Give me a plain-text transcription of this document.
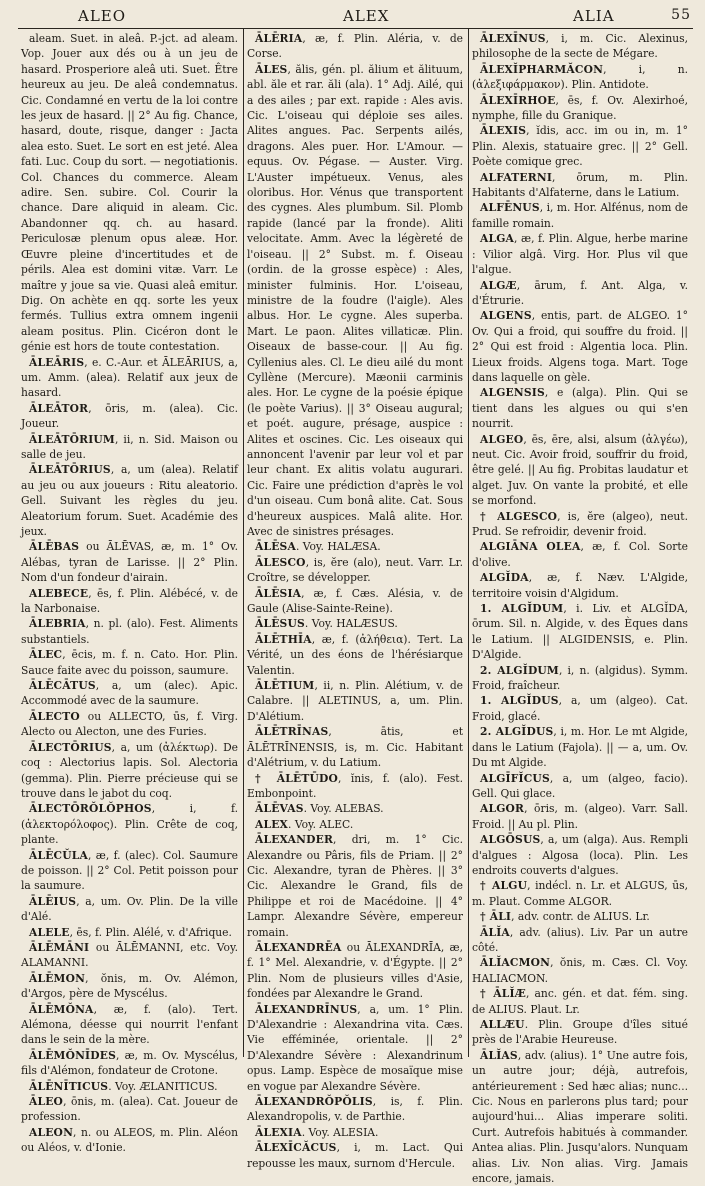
ALEO	ALEX	ALIA	55

aleam. Suet. in aleâ. P.-jct. ad aleam. Vop. Jouer aux dés ou à un jeu de hasard. Prosperiore aleâ uti. Suet. Être heureux au jeu. De aleâ condemnatus. Cic. Condamné en vertu de la loi contre les jeux de hasard. || 2° Au fig. Chance, hasard, doute, risque, danger : Jacta alea esto. Suet. Le sort en est jeté. Alea fati. Luc. Coup du sort. — negotiationis. Col. Chances du commerce. Aleam adire. Sen. subire. Col. Courir la chance. Dare aliquid in aleam. Cic. Abandonner qq. ch. au hasard. Periculosæ plenum opus aleæ. Hor. Œuvre pleine d'incertitudes et de périls. Alea est domini vitæ. Varr. Le maître y joue sa vie. Quasi aleâ emitur. Dig. On achète en qq. sorte les yeux fermés. Tullius extra omnem ingenii aleam positus. Plin. Cicéron dont le génie est hors de toute contestation.

ĀLEĀRIS, e. C.-Aur. et ĀLEĀRIUS, a, um. Amm. (alea). Relatif aux jeux de hasard.

ĀLEĀTOR, ōris, m. (alea). Cic. Joueur.

ĀLEĀTŌRIUM, ii, n. Sid. Maison ou salle de jeu.

ĀLEĀTŌRIUS, a, um (alea). Relatif au jeu ou aux joueurs : Ritu aleatorio. Gell. Suivant les règles du jeu. Aleatorium forum. Suet. Académie des jeux.

ĀLĒBAS ou ĀLĒVAS, æ, m. 1° Ov. Alébas, tyran de Larisse. || 2° Plin. Nom d'un fondeur d'airain.

ALEBECE, ēs, f. Plin. Alébécé, v. de la Narbonaise.

ĀLEBRIA, n. pl. (alo). Fest. Aliments substantiels.

ĀLEC, ēcis, m. f. n. Cato. Hor. Plin. Sauce faite avec du poisson, saumure.

ĀLĒCĀTUS, a, um (alec). Apic. Accommodé avec de la saumure.

ĀLECTO ou ALLECTO, ūs, f. Virg. Alecto ou Alecton, une des Furies.

ĀLECTŌRIUS, a, um (ἀλέκτωρ). De coq : Alectorius lapis. Sol. Alectoria (gemma). Plin. Pierre précieuse qui se trouve dans le jabot du coq.

ĀLECTŌRŎLŎPHOS, i, f. (ἀλεκτορόλοφος). Plin. Crête de coq, plante.

ĀLĒCŬLA, æ, f. (alec). Col. Saumure de poisson. || 2° Col. Petit poisson pour la saumure.

ĀLĒIUS, a, um. Ov. Plin. De la ville d'Alé.

ALELE, ēs, f. Plin. Alélé, v. d'Afrique.

ĀLĒMĀNI ou ĀLĒMANNI, etc. Voy. ALAMANNI.

ĀLĒMON, ŏnis, m. Ov. Alémon, d'Argos, père de Myscélus.

ĀLĒMŎNA, æ, f. (alo). Tert. Alémona, déesse qui nourrit l'enfant dans le sein de la mère.

ĀLĒMŎNĪDES, æ, m. Ov. Myscélus, fils d'Alémon, fondateur de Crotone.

ĀLĒNĪTICUS. Voy. ÆLANITICUS.

ĀLEO, ōnis, m. (alea). Cat. Joueur de profession.

ALEON, n. ou ALEOS, m. Plin. Aléon ou Aléos, v. d'Ionie.

ĀLĒRIA, æ, f. Plin. Aléria, v. de Corse.

ĀLES, ălis, gén. pl. ălium et ălituum, abl. ăle et rar. ăli (ala). 1° Adj. Ailé, qui a des ailes ; par ext. rapide : Ales avis. Cic. L'oiseau qui déploie ses ailes. Alites angues. Pac. Serpents ailés, dragons. Ales puer. Hor. L'Amour. — equus. Ov. Pégase. — Auster. Virg. L'Auster impétueux. Venus, ales oloribus. Hor. Vénus que transportent des cygnes. Ales plumbum. Sil. Plomb rapide (lancé par la fronde). Aliti velocitate. Amm. Avec la légèreté de l'oiseau. || 2° Subst. m. f. Oiseau (ordin. de la grosse espèce) : Ales, minister fulminis. Hor. L'oiseau, ministre de la foudre (l'aigle). Ales albus. Hor. Le cygne. Ales superba. Mart. Le paon. Alites villaticæ. Plin. Oiseaux de basse-cour. || Au fig. Cyllenius ales. Cl. Le dieu ailé du mont Cyllène (Mercure). Mæonii carminis ales. Hor. Le cygne de la poésie épique (le poète Varius). || 3° Oiseau augural; et poét. augure, présage, auspice : Alites et oscines. Cic. Les oiseaux qui annoncent l'avenir par leur vol et par leur chant. Ex alitis volatu augurari. Cic. Faire une prédiction d'après le vol d'un oiseau. Cum bonâ alite. Cat. Sous d'heureux auspices. Malâ alite. Hor. Avec de sinistres présages.

ĀLĒSA. Voy. HALÆSA.

ĀLESCO, is, ĕre (alo), neut. Varr. Lr. Croître, se développer.

ĀLĒSIA, æ, f. Cæs. Alésia, v. de Gaule (Alise-Sainte-Reine).

ĀLĒSUS. Voy. HALÆSUS.

ĀLĒTHĪA, æ, f. (ἀλήθεια). Tert. La Vérité, un des éons de l'hérésiarque Valentin.

ĀLĒTIUM, ii, n. Plin. Alétium, v. de Calabre. || ALETINUS, a, um. Plin. D'Alétium.

ĀLĒTRĪNAS, ātis, et ĀLĒTRĪNENSIS, is, m. Cic. Habitant d'Alétrium, v. du Latium.

† ĀLĒTŪDO, ĭnis, f. (alo). Fest. Embonpoint.

ĀLĒVAS. Voy. ALEBAS.

ALEX. Voy. ALEC.

ĀLEXANDER, dri, m. 1° Cic. Alexandre ou Pâris, fils de Priam. || 2° Cic. Alexandre, tyran de Phères. || 3° Cic. Alexandre le Grand, fils de Philippe et roi de Macédoine. || 4° Lampr. Alexandre Sévère, empereur romain.

ĀLEXANDRĒA ou ĀLEXANDRĪA, æ, f. 1° Mel. Alexandrie, v. d'Égypte. || 2° Plin. Nom de plusieurs villes d'Asie, fondées par Alexandre le Grand.

ĀLEXANDRĪNUS, a, um. 1° Plin. D'Alexandrie : Alexandrina vita. Cæs. Vie efféminée, orientale. || 2° D'Alexandre Sévère : Alexandrinum opus. Lamp. Espèce de mosaïque mise en vogue par Alexandre Sévère.

ĀLEXANDRŎPŎLIS, is, f. Plin. Alexandropolis, v. de Parthie.

ĀLEXIA. Voy. ALESIA.

ĀLEXĪCĂCUS, i, m. Lact. Qui repousse les maux, surnom d'Hercule.

ĀLEXĪNUS, i, m. Cic. Alexinus, philosophe de la secte de Mégare.

ĀLEXĬPHARMĂCON, i, n. (ἀλεξιφάρμακον). Plin. Antidote.

ĀLEXĪRHOE, ēs, f. Ov. Alexirhoé, nymphe, fille du Granique.

ĀLEXIS, ĭdis, acc. im ou in, m. 1° Plin. Alexis, statuaire grec. || 2° Gell. Poète comique grec.

ALFATERNI, ōrum, m. Plin. Habitants d'Alfaterne, dans le Latium.

ALFĒNUS, i, m. Hor. Alfénus, nom de famille romain.

ALGA, æ, f. Plin. Algue, herbe marine : Vilior algâ. Virg. Hor. Plus vil que l'algue.

ALGÆ, ārum, f. Ant. Alga, v. d'Étrurie.

ALGENS, entis, part. de ALGEO. 1° Ov. Qui a froid, qui souffre du froid. || 2° Qui est froid : Algentia loca. Plin. Lieux froids. Algens toga. Mart. Toge dans laquelle on gèle.

ALGENSIS, e (alga). Plin. Qui se tient dans les algues ou qui s'en nourrit.

ALGEO, ēs, ēre, alsi, alsum (ἀλγέω), neut. Cic. Avoir froid, souffrir du froid, être gelé. || Au fig. Probitas laudatur et alget. Juv. On vante la probité, et elle se morfond.

† ALGESCO, is, ĕre (algeo), neut. Prud. Se refroidir, devenir froid.

ALGIĀNA OLEA, æ, f. Col. Sorte d'olive.

ALGĬDA, æ, f. Næv. L'Algide, territoire voisin d'Algidum.

1. ALGĬDUM, i. Liv. et ALGĬDA, ōrum. Sil. n. Algide, v. des Èques dans le Latium. || ALGIDENSIS, e. Plin. D'Algide.

2. ALGĬDUM, i, n. (algidus). Symm. Froid, fraîcheur.

1. ALGĬDUS, a, um (algeo). Cat. Froid, glacé.

2. ALGĬDUS, i, m. Hor. Le mt Algide, dans le Latium (Fajola). || — a, um. Ov. Du mt Algide.

ALGĪFĬCUS, a, um (algeo, facio). Gell. Qui glace.

ALGOR, ōris, m. (algeo). Varr. Sall. Froid. || Au pl. Plin.

ALGŌSUS, a, um (alga). Aus. Rempli d'algues : Algosa (loca). Plin. Les endroits couverts d'algues.

† ALGU, indécl. n. Lr. et ALGUS, ūs, m. Plaut. Comme ALGOR.

† ĀLI, adv. contr. de ALIUS. Lr.

ĀLĬA, adv. (alius). Liv. Par un autre côté.

ĀLĬACMON, ŏnis, m. Cæs. Cl. Voy. HALIACMON.

† ĀLĬÆ, anc. gén. et dat. fém. sing. de ALIUS. Plaut. Lr.

ALLÆU. Plin. Groupe d'îles situé près de l'Arabie Heureuse.

ĀLĬAS, adv. (alius). 1° Une autre fois, un autre jour; déjà, autrefois, antérieurement : Sed hæc alias; nunc... Cic. Nous en parlerons plus tard; pour aujourd'hui... Alias imperare soliti. Curt. Autrefois habitués à commander. Antea alias. Plin. Jusqu'alors. Nunquam alias. Liv. Non alias. Virg. Jamais encore, jamais.
